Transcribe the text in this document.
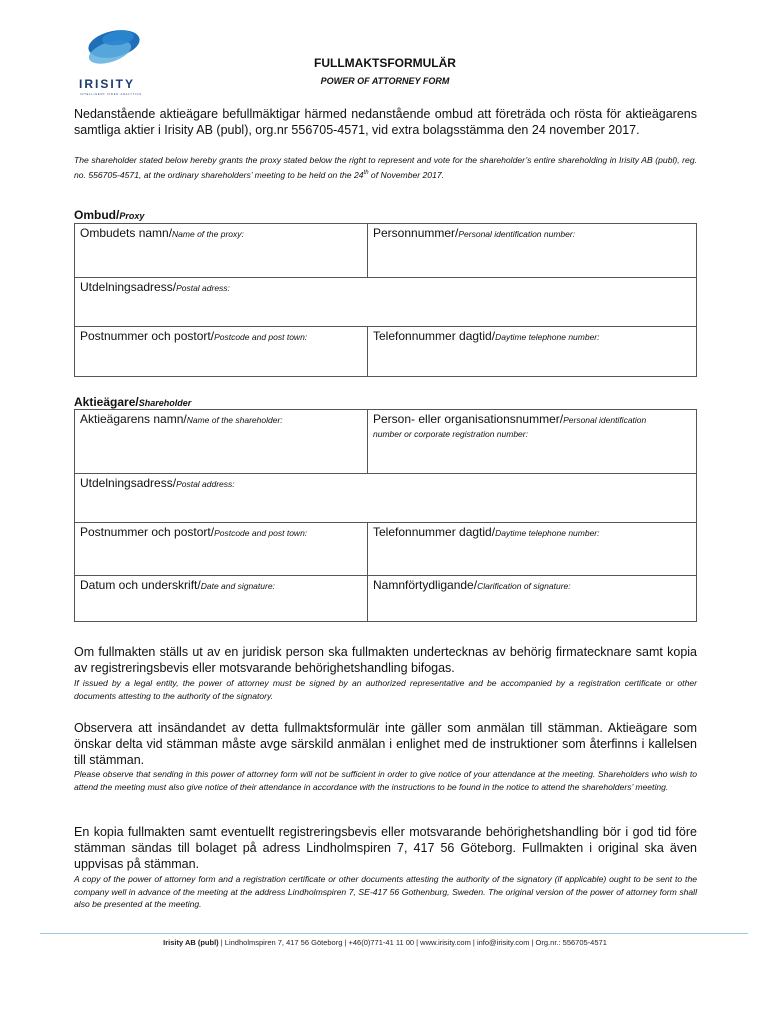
IRISITY
INTELLIGENT VIDEO ANALYTICS
FULLMAKTSFORMULÄR
POWER OF ATTORNEY FORM
Nedanstående aktieägare befullmäktigar härmed nedanstående ombud att företräda och rösta för aktieägarens samtliga aktier i Irisity AB (publ), org.nr 556705-4571, vid extra bolagsstämma den 24 november 2017.
The shareholder stated below hereby grants the proxy stated below the right to represent and vote for the shareholder’s entire shareholding in Irisity AB (publ), reg. no. 556705-4571, at the ordinary shareholders’ meeting to be held on the 24th of November 2017.
Ombud/Proxy
Ombudets namn/Name of the proxy:	Personnummer/Personal identification number:
Utdelningsadress/Postal adress:	
Postnummer och postort/Postcode and post town:	Telefonnummer dagtid/Daytime telephone number:
Aktieägare/Shareholder
Aktieägarens namn/Name of the shareholder:	Person- eller organisationsnummer/Personal identification
number or corporate registration number:

Utdelningsadress/Postal address:	
Postnummer och postort/Postcode and post town:	Telefonnummer dagtid/Daytime telephone number:
Datum och underskrift/Date and signature:	Namnförtydligande/Clarification of signature:
Om fullmakten ställs ut av en juridisk person ska fullmakten undertecknas av behörig firmatecknare samt kopia av registreringsbevis eller motsvarande behörighetshandling bifogas.
If issued by a legal entity, the power of attorney must be signed by an authorized representative and be accompanied by a registration certificate or other documents attesting to the authority of the signatory.
Observera att insändandet av detta fullmaktsformulär inte gäller som anmälan till stämman. Aktieägare som önskar delta vid stämman måste avge särskild anmälan i enlighet med de instruktioner som återfinns i kallelsen till stämman.
Please observe that sending in this power of attorney form will not be sufficient in order to give notice of your attendance at the meeting. Shareholders who wish to attend the meeting must also give notice of their attendance in accordance with the instructions to be found in the notice to attend the shareholders’ meeting.
En kopia fullmakten samt eventuellt registreringsbevis eller motsvarande behörighetshandling bör i god tid före stämman sändas till bolaget på adress Lindholmspiren 7, 417 56 Göteborg. Fullmakten i original ska även uppvisas på stämman.
A copy of the power of attorney form and a registration certificate or other documents attesting the authority of the signatory (if applicable) ought to be sent to the company well in advance of the meeting at the address Lindholmspiren 7, SE-417 56 Gothenburg, Sweden. The original version of the power of attorney form shall also be presented at the meeting.
Irisity AB (publ) | Lindholmspiren 7, 417 56 Göteborg | +46(0)771-41 11 00 | www.irisity.com | info@irisity.com | Org.nr.: 556705-4571
